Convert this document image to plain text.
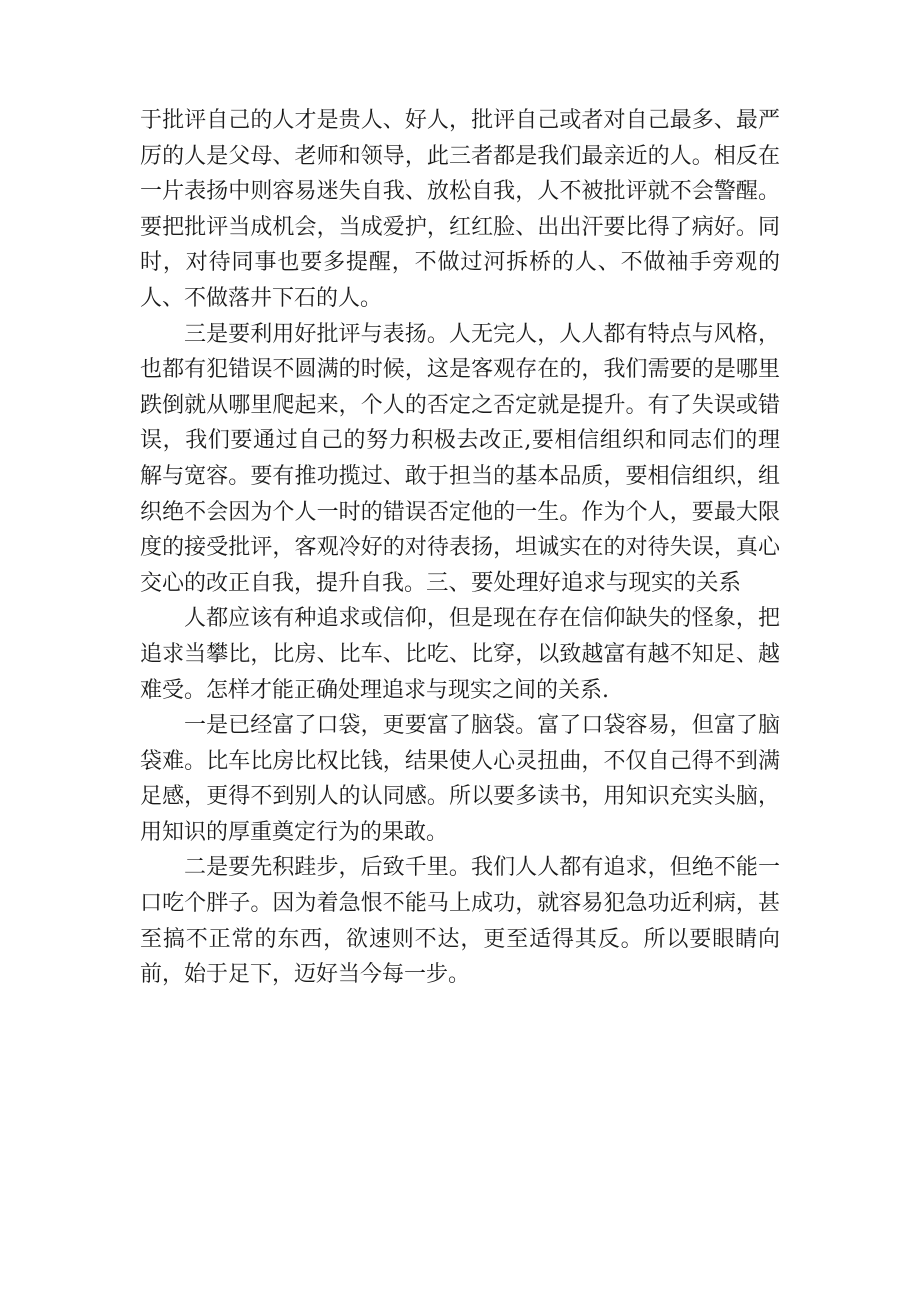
于批评自己的人才是贵人、好人，批评自己或者对自己最多、最严厉的人是父母、老师和领导，此三者都是我们最亲近的人。相反在一片表扬中则容易迷失自我、放松自我，人不被批评就不会警醒。要把批评当成机会，当成爱护，红红脸、出出汗要比得了病好。同时，对待同事也要多提醒，不做过河拆桥的人、不做袖手旁观的人、不做落井下石的人。

三是要利用好批评与表扬。人无完人，人人都有特点与风格，也都有犯错误不圆满的时候，这是客观存在的，我们需要的是哪里跌倒就从哪里爬起来，个人的否定之否定就是提升。有了失误或错误，我们要通过自己的努力积极去改正,要相信组织和同志们的理解与宽容。要有推功揽过、敢于担当的基本品质，要相信组织，组织绝不会因为个人一时的错误否定他的一生。作为个人，要最大限度的接受批评，客观冷好的对待表扬，坦诚实在的对待失误，真心交心的改正自我，提升自我。三、要处理好追求与现实的关系

人都应该有种追求或信仰，但是现在存在信仰缺失的怪象，把追求当攀比，比房、比车、比吃、比穿，以致越富有越不知足、越难受。怎样才能正确处理追求与现实之间的关系.

一是已经富了口袋，更要富了脑袋。富了口袋容易，但富了脑袋难。比车比房比权比钱，结果使人心灵扭曲，不仅自己得不到满足感，更得不到别人的认同感。所以要多读书，用知识充实头脑，用知识的厚重奠定行为的果敢。

二是要先积跬步，后致千里。我们人人都有追求，但绝不能一口吃个胖子。因为着急恨不能马上成功，就容易犯急功近利病，甚至搞不正常的东西，欲速则不达，更至适得其反。所以要眼睛向前，始于足下，迈好当今每一步。
